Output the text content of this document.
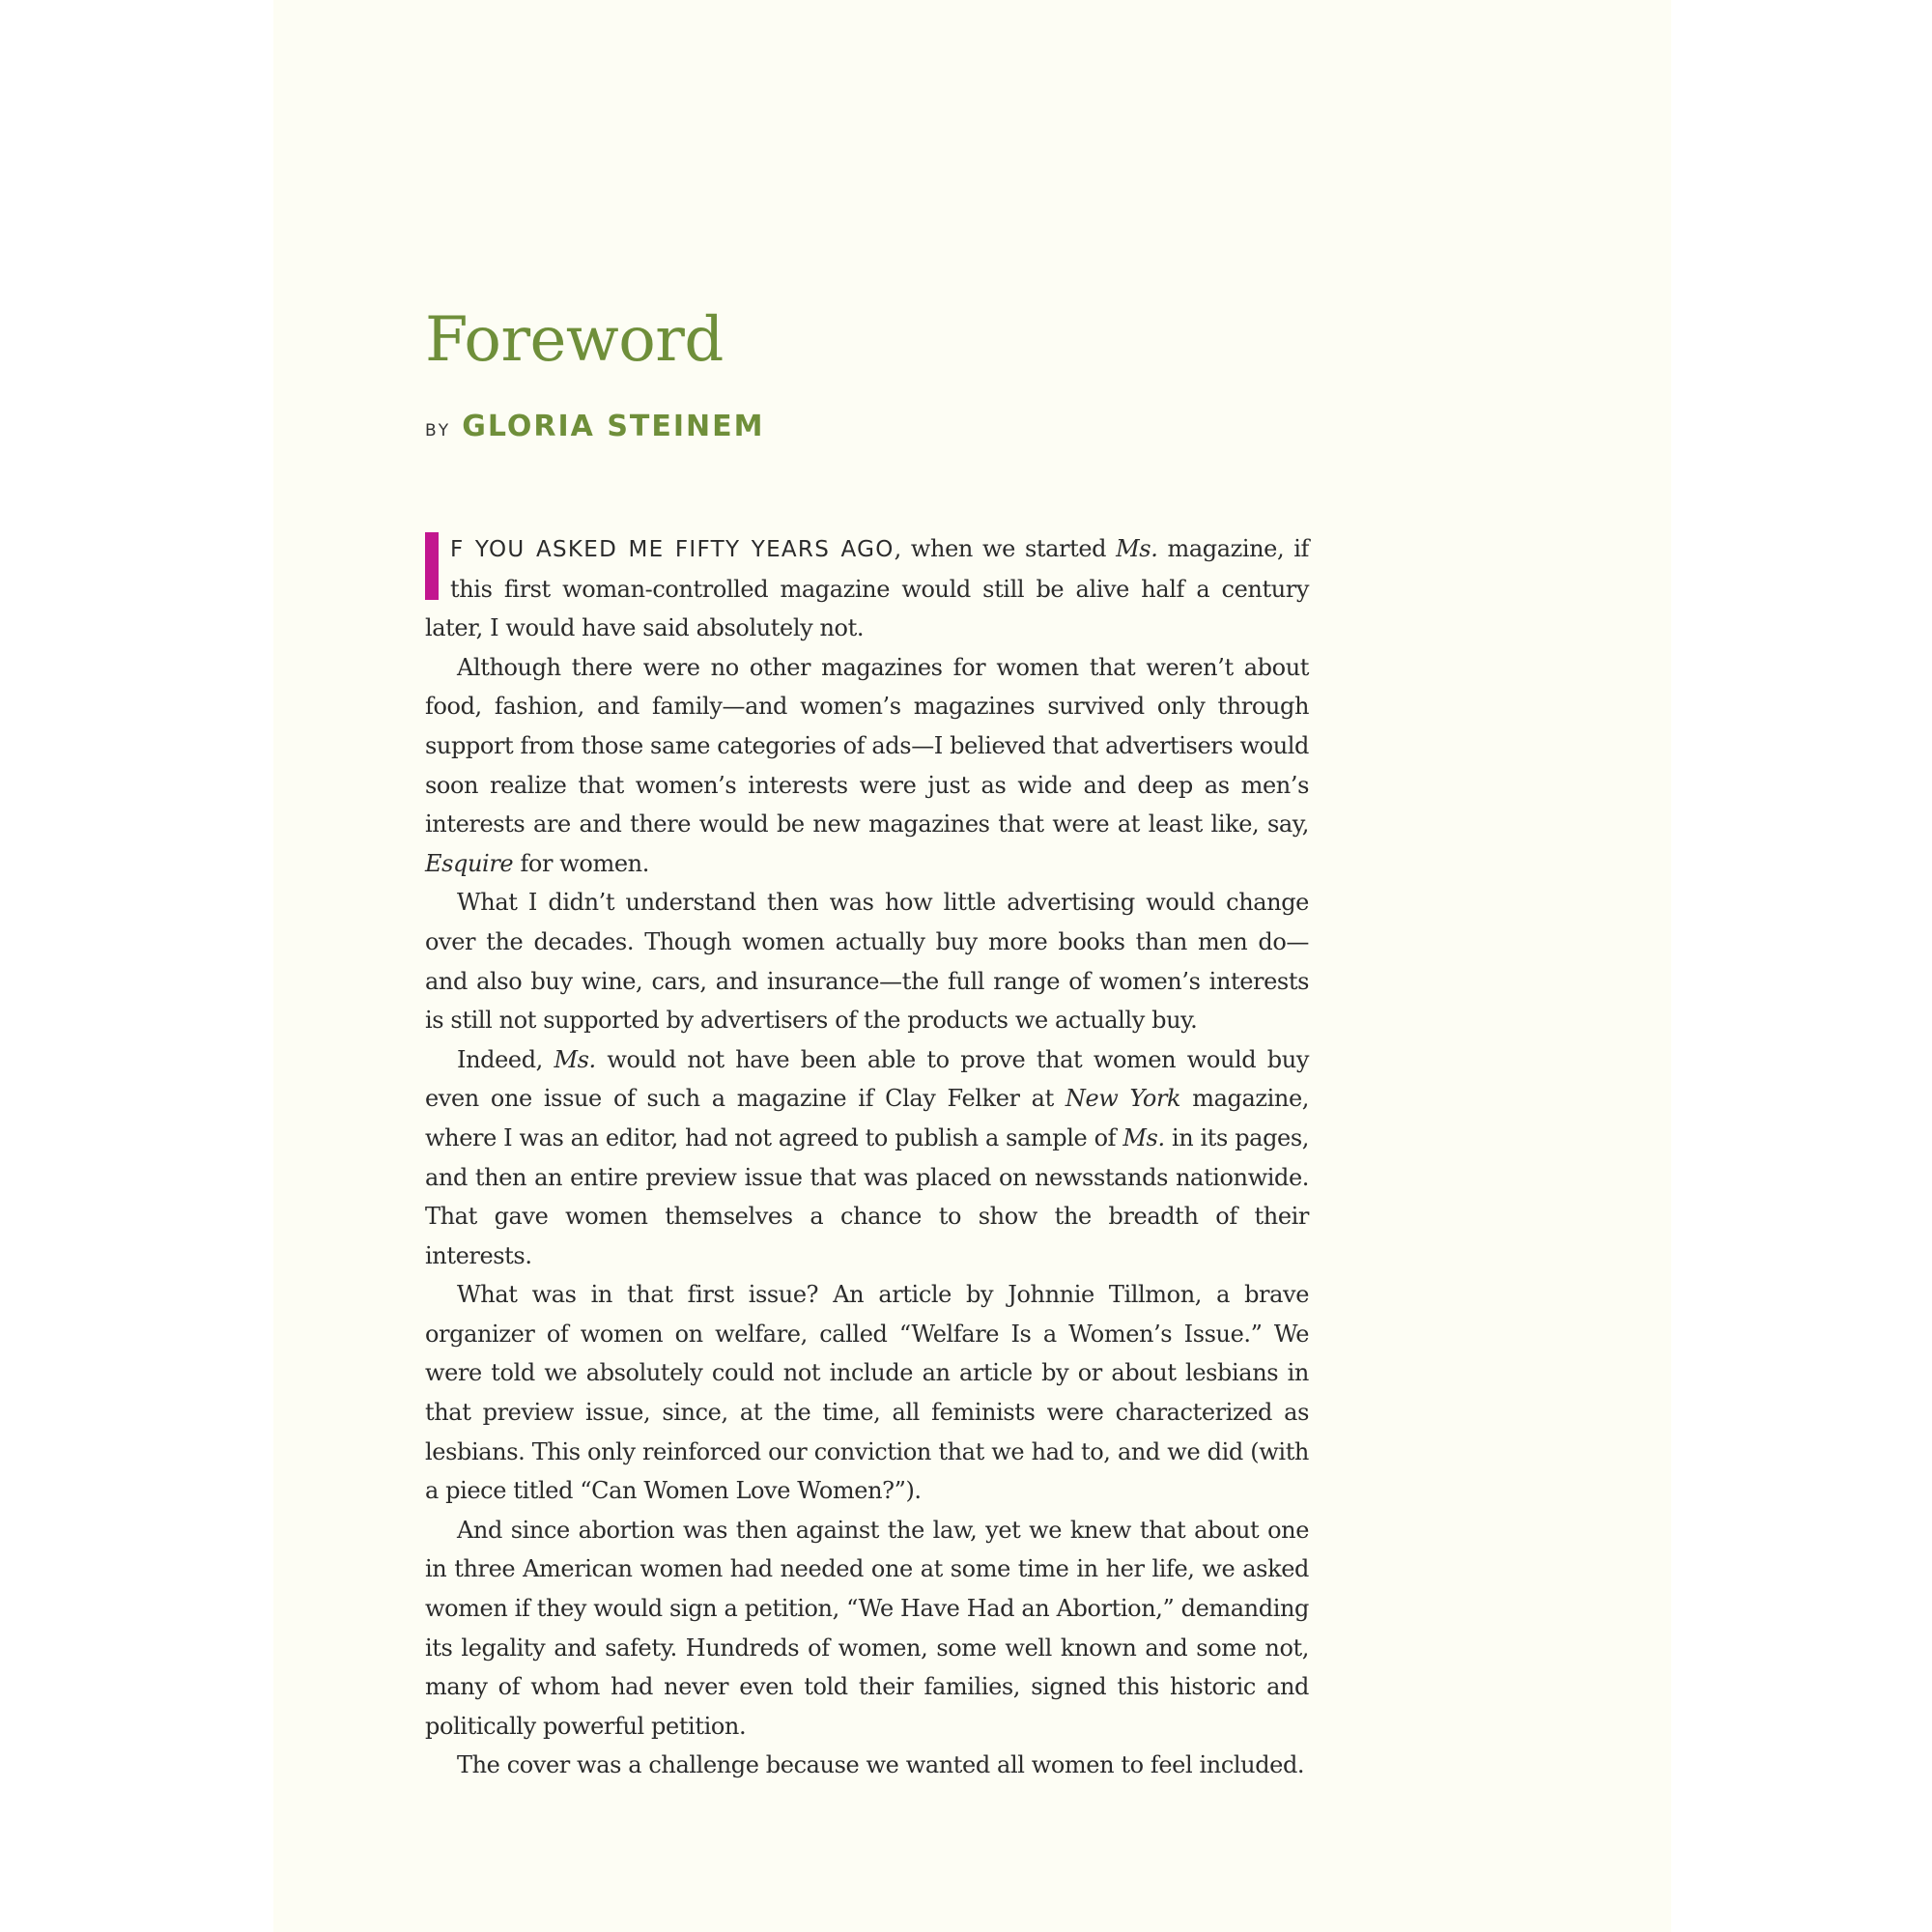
Foreword
BY GLORIA STEINEM

F YOU ASKED ME FIFTY YEARS AGO, when we started Ms. magazine, if this first woman-controlled magazine would still be alive half a century later, I would have said absolutely not.

Although there were no other magazines for women that weren’t about food, fashion, and family—and women’s magazines survived only through support from those same categories of ads—I believed that advertisers would soon realize that women’s interests were just as wide and deep as men’s interests are and there would be new magazines that were at least like, say, Esquire for women.

What I didn’t understand then was how little advertising would change over the decades. Though women actually buy more books than men do—and also buy wine, cars, and insurance—the full range of women’s interests is still not supported by advertisers of the products we actually buy.

Indeed, Ms. would not have been able to prove that women would buy even one issue of such a magazine if Clay Felker at New York magazine, where I was an editor, had not agreed to publish a sample of Ms. in its pages, and then an entire preview issue that was placed on newsstands nationwide. That gave women themselves a chance to show the breadth of their interests.

What was in that first issue? An article by Johnnie Tillmon, a brave organizer of women on welfare, called “Welfare Is a Women’s Issue.” We were told we absolutely could not include an article by or about lesbians in that preview issue, since, at the time, all feminists were characterized as lesbians. This only reinforced our conviction that we had to, and we did (with a piece titled “Can Women Love Women?”).

And since abortion was then against the law, yet we knew that about one in three American women had needed one at some time in her life, we asked women if they would sign a petition, “We Have Had an Abortion,” demanding its legality and safety. Hundreds of women, some well known and some not, many of whom had never even told their families, signed this historic and politically powerful petition.

The cover was a challenge because we wanted all women to feel included.
